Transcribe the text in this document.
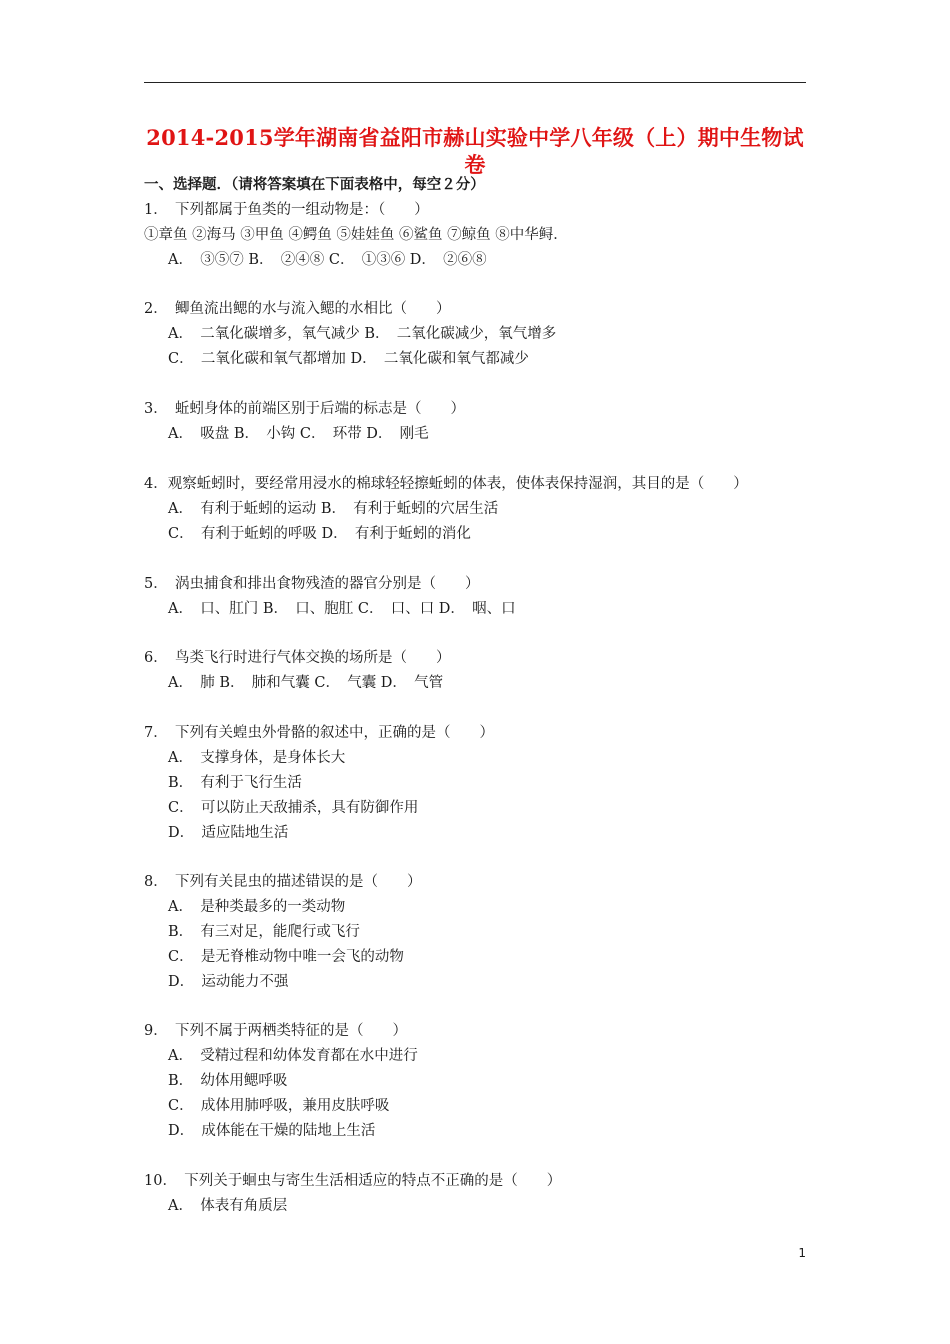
2014-2015学年湖南省益阳市赫山实验中学八年级（上）期中生物试卷
一、选择题．（请将答案填在下面表格中，每空２分）
1．　下列都属于鱼类的一组动物是：（　　）
①章鱼 ②海马 ③甲鱼 ④鳄鱼 ⑤娃娃鱼 ⑥鲨鱼 ⑦鲸鱼 ⑧中华鲟．
A．　③⑤⑦ B．　②④⑧ C．　①③⑥ D．　②⑥⑧
2．　鲫鱼流出鳃的水与流入鳃的水相比（　　）
A．　二氧化碳增多，氧气减少 B．　二氧化碳减少，氧气增多
C．　二氧化碳和氧气都增加 D．　二氧化碳和氧气都减少
3．　蚯蚓身体的前端区别于后端的标志是（　　）
A．　吸盘 B．　小钩 C．　环带 D．　刚毛
4．观察蚯蚓时，要经常用浸水的棉球轻轻擦蚯蚓的体表，使体表保持湿润，其目的是（　　）
A．　有利于蚯蚓的运动 B．　有利于蚯蚓的穴居生活
C．　有利于蚯蚓的呼吸 D．　有利于蚯蚓的消化
5．　涡虫捕食和排出食物残渣的器官分别是（　　）
A．　口、肛门 B．　口、胞肛 C．　口、口 D．　咽、口
6．　鸟类飞行时进行气体交换的场所是（　　）
A．　肺 B．　肺和气囊 C．　气囊 D．　气管
7．　下列有关蝗虫外骨骼的叙述中，正确的是（　　）
A．　支撑身体，是身体长大
B．　有利于飞行生活
C．　可以防止天敌捕杀，具有防御作用
D．　适应陆地生活
8．　下列有关昆虫的描述错误的是（　　）
A．　是种类最多的一类动物
B．　有三对足，能爬行或飞行
C．　是无脊椎动物中唯一会飞的动物
D．　运动能力不强
9．　下列不属于两栖类特征的是（　　）
A．　受精过程和幼体发育都在水中进行
B．　幼体用鳃呼吸
C．　成体用肺呼吸，兼用皮肤呼吸
D．　成体能在干燥的陆地上生活
10．　下列关于蛔虫与寄生生活相适应的特点不正确的是（　　）
A．　体表有角质层
1
